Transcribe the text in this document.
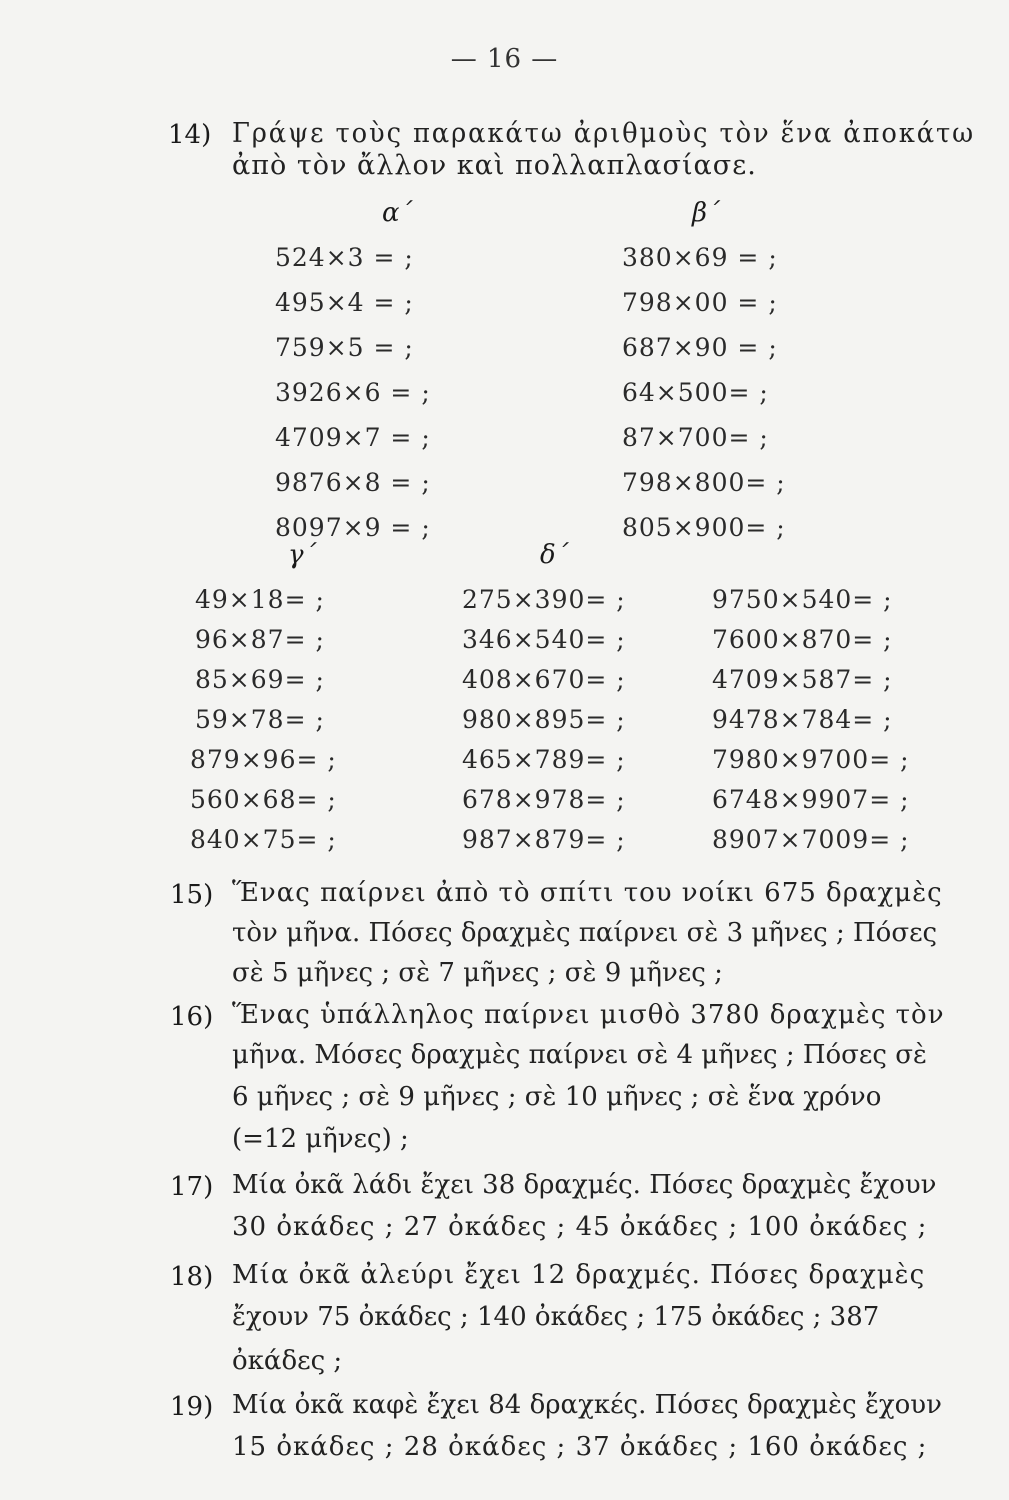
— 16 —
14) Γράψε τοὺς παρακάτω ἀριθμοὺς τὸν ἕνα ἀποκάτω
ἀπὸ τὸν ἄλλον καὶ πολλαπλασίασε.
α΄
524×3 = ;
495×4 = ;
759×5 = ;
3926×6 = ;
4709×7 = ;
9876×8 = ;
8097×9 = ;
β΄
380×69 = ;
798×00 = ;
687×90 = ;
64×500= ;
87×700= ;
798×800= ;
805×900= ;
γ΄
49×18= ;
96×87= ;
85×69= ;
59×78= ;
879×96= ;
560×68= ;
840×75= ;
δ΄
275×390= ;
346×540= ;
408×670= ;
980×895= ;
465×789= ;
678×978= ;
987×879= ;
9750×540= ;
7600×870= ;
4709×587= ;
9478×784= ;
7980×9700= ;
6748×9907= ;
8907×7009= ;
15) Ἕνας παίρνει ἀπὸ τὸ σπίτι του νοίκι 675 δραχμὲς
τὸν μῆνα. Πόσες δραχμὲς παίρνει σὲ 3 μῆνες ; Πόσες
σὲ 5 μῆνες ; σὲ 7 μῆνες ; σὲ 9 μῆνες ;
16) Ἕνας ὑπάλληλος παίρνει μισθὸ 3780 δραχμὲς τὸν
μῆνα. Μόσες δραχμὲς παίρνει σὲ 4 μῆνες ; Πόσες σὲ
6 μῆνες ; σὲ 9 μῆνες ; σὲ 10 μῆνες ; σὲ ἕνα χρόνο
(=12 μῆνες) ;
17) Μία ὀκᾶ λάδι ἔχει 38 δραχμές. Πόσες δραχμὲς ἔχουν
30 ὀκάδες ; 27 ὀκάδες ; 45 ὀκάδες ; 100 ὀκάδες ;
18) Μία ὀκᾶ ἀλεύρι ἔχει 12 δραχμές. Πόσες δραχμὲς
ἔχουν 75 ὀκάδες ; 140 ὀκάδες ; 175 ὀκάδες ; 387
ὀκάδες ;
19) Μία ὀκᾶ καφὲ ἔχει 84 δραχκές. Πόσες δραχμὲς ἔχουν
15 ὀκάδες ; 28 ὀκάδες ; 37 ὀκάδες ; 160 ὀκάδες ;
